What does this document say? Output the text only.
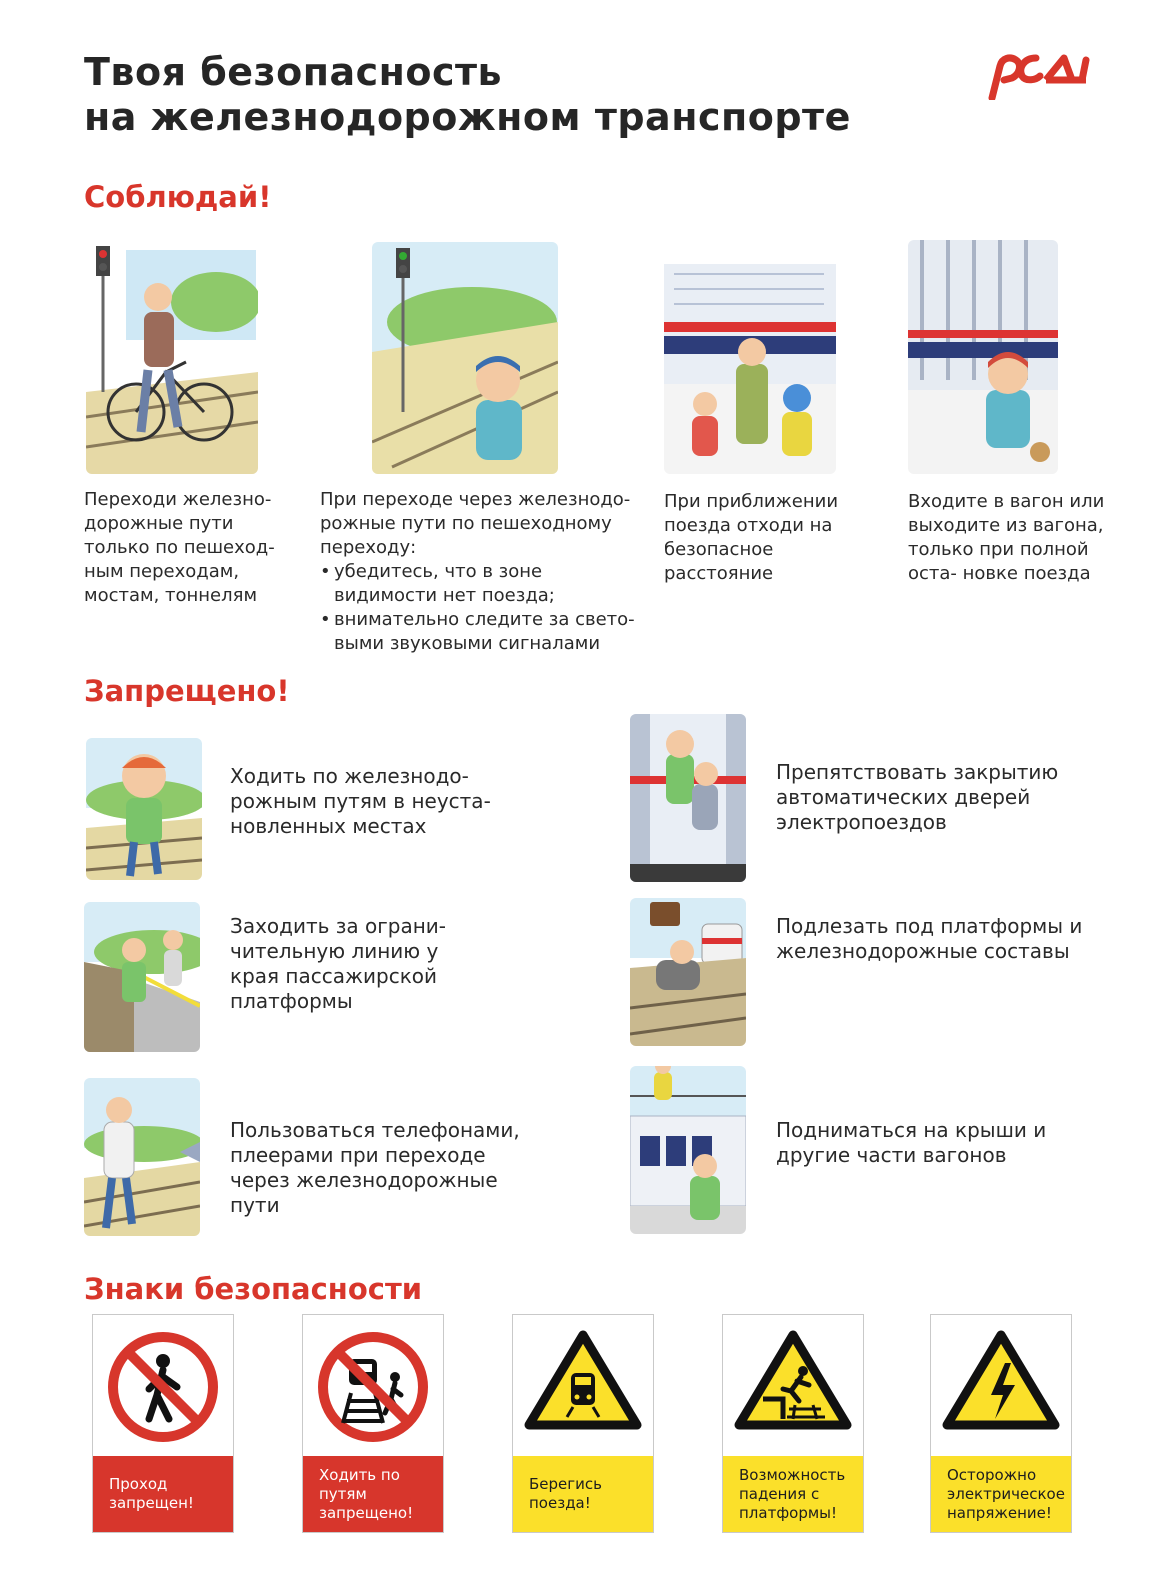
Твоя безопасность
на железнодорожном транспорте
Соблюдай!
Переходи железно- дорожные пути только по пешеход- ным переходам, мостам, тоннелям
При переходе через железнодо- рожные пути по пешеходному переходу:
• убедитесь, что в зоне видимости нет поезда;
• внимательно следите за свето- выми звуковыми сигналами
При приближении поезда отходи на безопасное расстояние
Входите в вагон или выходите из вагона, только при полной оста- новке поезда
Запрещено!
Ходить по железнодо- рожным путям в неуста- новленных местах
Препятствовать закрытию автоматических дверей электропоездов
Заходить за ограни- чительную линию у края пассажирской платформы
Подлезать под платформы и железнодорожные составы
Пользоваться телефонами, плеерами при переходе через железнодорожные пути
Подниматься на крыши и другие части вагонов
Знаки безопасности
Проход запрещен!
Ходить по путям запрещено!
Берегись поезда!
Возможность падения с платформы!
Осторожно электрическое напряжение!
